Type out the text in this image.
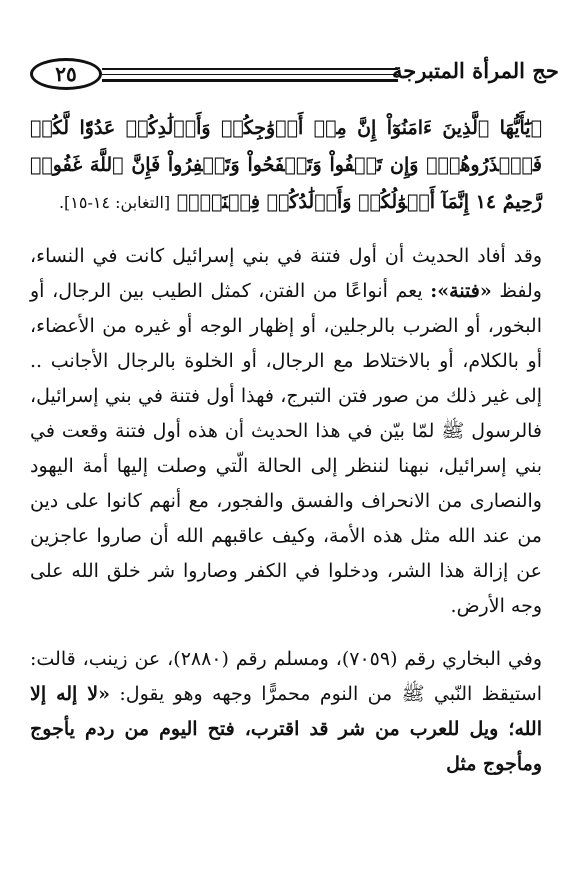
٢٥	حج المرأة المتبرجة

﴿يَٰٓأَيُّهَا ٱلَّذِينَ ءَامَنُوٓاْ إِنَّ مِنۡ أَزۡوَٰجِكُمۡ وَأَوۡلَٰدِكُمۡ عَدُوّٗا لَّكُمۡ فَٱحۡذَرُوهُمۡۚ وَإِن تَعۡفُواْ وَتَصۡفَحُواْ وَتَغۡفِرُواْ فَإِنَّ ٱللَّهَ غَفُورٞ رَّحِيمٌ ١٤ إِنَّمَآ أَمۡوَٰلُكُمۡ وَأَوۡلَٰدُكُمۡ فِتۡنَةٞۚ﴾ [التغابن: ١٤-١٥].

وقد أفاد الحديث أن أول فتنة في بني إسرائيل كانت في النساء، ولفظ «فتنة»: يعم أنواعًا من الفتن، كمثل الطيب بين الرجال، أو البخور، أو الضرب بالرجلين، أو إظهار الوجه أو غيره من الأعضاء، أو بالكلام، أو بالاختلاط مع الرجال، أو الخلوة بالرجال الأجانب .. إلى غير ذلك من صور فتن التبرج، فهذا أول فتنة في بني إسرائيل، فالرسول ﷺ لمّا بيّن في هذا الحديث أن هذه أول فتنة وقعت في بني إسرائيل، نبهنا لننظر إلى الحالة الّتي وصلت إليها أمة اليهود والنصارى من الانحراف والفسق والفجور، مع أنهم كانوا على دين من عند الله مثل هذه الأمة، وكيف عاقبهم الله أن صاروا عاجزين عن إزالة هذا الشر، ودخلوا في الكفر وصاروا شر خلق الله على وجه الأرض.

وفي البخاري رقم (٧٠٥٩)، ومسلم رقم (٢٨٨٠)، عن زينب، قالت: استيقظ النّبي ﷺ من النوم محمرًّا وجهه وهو يقول: «لا إله إلا الله؛ ويل للعرب من شر قد اقترب، فتح اليوم من ردم يأجوج ومأجوج مثل
